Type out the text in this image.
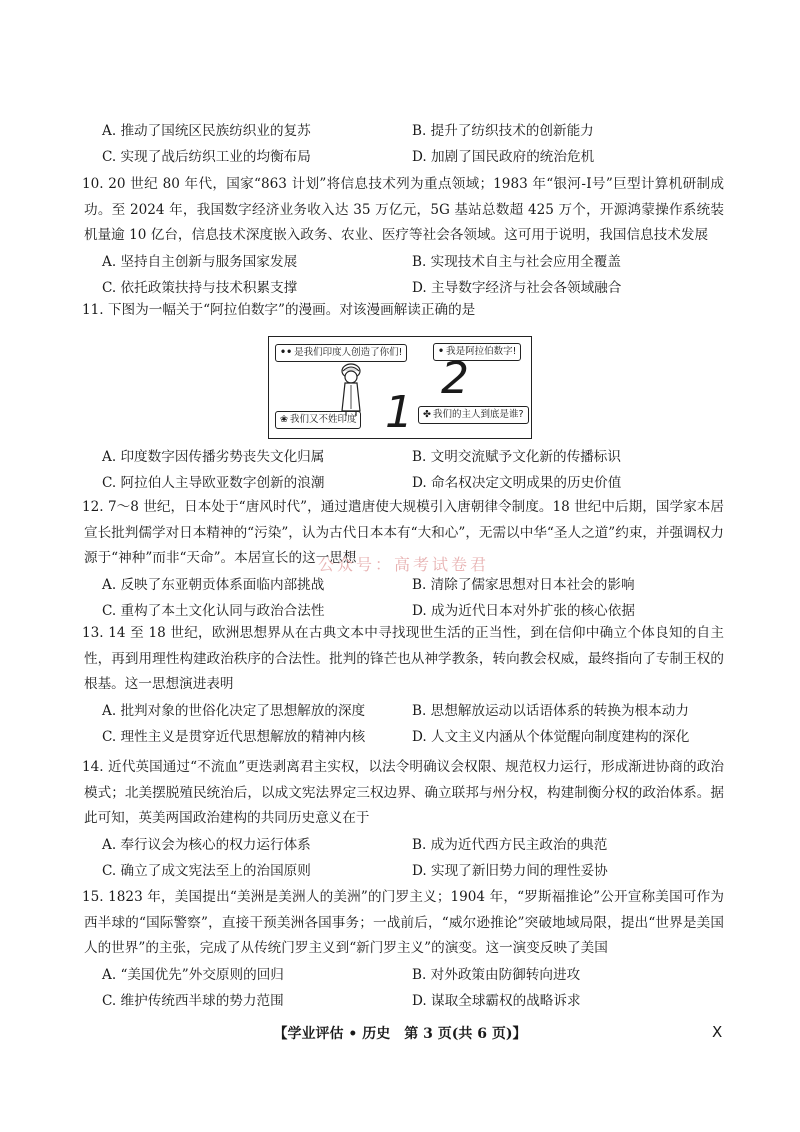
A. 推动了国统区民族纺织业的复苏	B. 提升了纺织技术的创新能力
C. 实现了战后纺织工业的均衡布局	D. 加剧了国民政府的统治危机
10. 20 世纪 80 年代，国家“863 计划”将信息技术列为重点领域；1983 年“银河-Ⅰ号”巨型计算机研制成功。至 2024 年，我国数字经济业务收入达 35 万亿元，5G 基站总数超 425 万个，开源鸿蒙操作系统装机量逾 10 亿台，信息技术深度嵌入政务、农业、医疗等社会各领域。这可用于说明，我国信息技术发展
A. 坚持自主创新与服务国家发展	B. 实现技术自主与社会应用全覆盖
C. 依托政策扶持与技术积累支撑	D. 主导数字经济与社会各领域融合
11. 下图为一幅关于“阿拉伯数字”的漫画。对该漫画解读正确的是
•• 是我们印度人创造了你们!	• 我是阿拉伯数字!
❀ 我们又不姓印度	✤ 我们的主人到底是谁?
2
1
A. 印度数字因传播劣势丧失文化归属	B. 文明交流赋予文化新的传播标识
C. 阿拉伯人主导欧亚数字创新的浪潮	D. 命名权决定文明成果的历史价值
12. 7～8 世纪，日本处于“唐风时代”，通过遣唐使大规模引入唐朝律令制度。18 世纪中后期，国学家本居宣长批判儒学对日本精神的“污染”，认为古代日本本有“大和心”，无需以中华“圣人之道”约束，并强调权力源于“神种”而非“天命”。本居宣长的这一思想
A. 反映了东亚朝贡体系面临内部挑战	B. 清除了儒家思想对日本社会的影响
C. 重构了本土文化认同与政治合法性	D. 成为近代日本对外扩张的核心依据
公众号：高考试卷君
13. 14 至 18 世纪，欧洲思想界从在古典文本中寻找现世生活的正当性，到在信仰中确立个体良知的自主性，再到用理性构建政治秩序的合法性。批判的锋芒也从神学教条，转向教会权威，最终指向了专制王权的根基。这一思想演进表明
A. 批判对象的世俗化决定了思想解放的深度	B. 思想解放运动以话语体系的转换为根本动力
C. 理性主义是贯穿近代思想解放的精神内核	D. 人文主义内涵从个体觉醒向制度建构的深化
14. 近代英国通过“不流血”更迭剥离君主实权，以法令明确议会权限、规范权力运行，形成渐进协商的政治模式；北美摆脱殖民统治后，以成文宪法界定三权边界、确立联邦与州分权，构建制衡分权的政治体系。据此可知，英美两国政治建构的共同历史意义在于
A. 奉行议会为核心的权力运行体系	B. 成为近代西方民主政治的典范
C. 确立了成文宪法至上的治国原则	D. 实现了新旧势力间的理性妥协
15. 1823 年，美国提出“美洲是美洲人的美洲”的门罗主义；1904 年，“罗斯福推论”公开宣称美国可作为西半球的“国际警察”，直接干预美洲各国事务；一战前后，“威尔逊推论”突破地域局限，提出“世界是美国人的世界”的主张，完成了从传统门罗主义到“新门罗主义”的演变。这一演变反映了美国
A. “美国优先”外交原则的回归	B. 对外政策由防御转向进攻
C. 维护传统西半球的势力范围	D. 谋取全球霸权的战略诉求
【学业评估 • 历史　第 3 页(共 6 页)】	X
